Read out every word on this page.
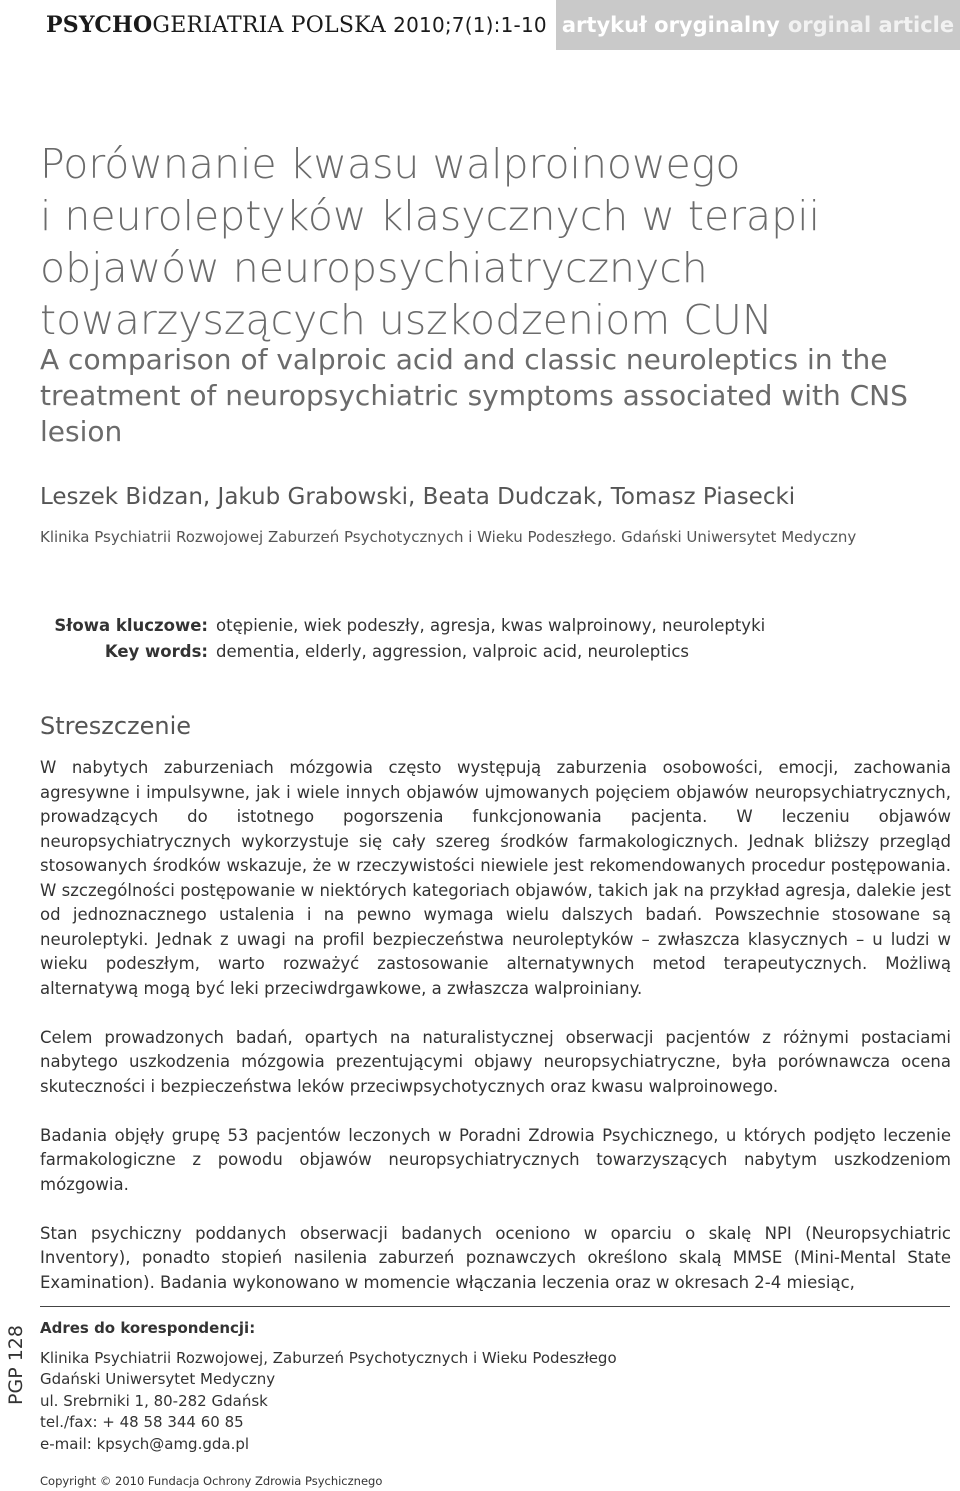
PSYCHOGERIATRIA POLSKA 2010;7(1):1-10 artykuł oryginalny orginal article
Porównanie kwasu walproinowego
i neuroleptyków klasycznych w terapii
objawów neuropsychiatrycznych
towarzyszących uszkodzeniom CUN
A comparison of valproic acid and classic neuroleptics in the
treatment of neuropsychiatric symptoms associated with CNS
lesion
Leszek Bidzan, Jakub Grabowski, Beata Dudczak, Tomasz Piasecki
Klinika Psychiatrii Rozwojowej Zaburzeń Psychotycznych i Wieku Podeszłego. Gdański Uniwersytet Medyczny
Słowa kluczowe: otępienie, wiek podeszły, agresja, kwas walproinowy, neuroleptyki
Key words: dementia, elderly, aggression, valproic acid, neuroleptics
Streszczenie

W nabytych zaburzeniach mózgowia często występują zaburzenia osobowości, emocji, zachowania agresywne i impulsywne, jak i wiele innych objawów ujmowanych pojęciem objawów neuropsychiatrycznych, prowadzących do istotnego pogorszenia funkcjonowania pacjenta. W leczeniu objawów neuropsychiatrycznych wykorzystuje się cały szereg środków farmakologicznych. Jednak bliższy przegląd stosowanych środków wskazuje, że w rzeczywistości niewiele jest rekomendowanych procedur postępowania. W szczególności postępowanie w niektórych kategoriach objawów, takich jak na przykład agresja, dalekie jest od jednoznacznego ustalenia i na pewno wymaga wielu dalszych badań. Powszechnie stosowane są neuroleptyki. Jednak z uwagi na profil bezpieczeństwa neuroleptyków – zwłaszcza klasycznych – u ludzi w wieku podeszłym, warto rozważyć zastosowanie alternatywnych metod terapeutycznych. Możliwą alternatywą mogą być leki przeciwdrgawkowe, a zwłaszcza walproiniany.

Celem prowadzonych badań, opartych na naturalistycznej obserwacji pacjentów z różnymi postaciami nabytego uszkodzenia mózgowia prezentującymi objawy neuropsychiatryczne, była porównawcza ocena skuteczności i bezpieczeństwa leków przeciwpsychotycznych oraz kwasu walproinowego.

Badania objęły grupę 53 pacjentów leczonych w Poradni Zdrowia Psychicznego, u których podjęto leczenie farmakologiczne z powodu objawów neuropsychiatrycznych towarzyszących nabytym uszkodzeniom mózgowia.

Stan psychiczny poddanych obserwacji badanych oceniono w oparciu o skalę NPI (Neuropsychiatric Inventory), ponadto stopień nasilenia zaburzeń poznawczych określono skalą MMSE (Mini-Mental State Examination). Badania wykonowano w momencie włączania leczenia oraz w okresach 2-4 miesiąc,

PGP 128 Adres do korespondencji:
Klinika Psychiatrii Rozwojowej, Zaburzeń Psychotycznych i Wieku Podeszłego
Gdański Uniwersytet Medyczny
ul. Srebrniki 1, 80-282 Gdańsk
tel./fax: + 48 58 344 60 85
e-mail: kpsych@amg.gda.pl
Copyright © 2010 Fundacja Ochrony Zdrowia Psychicznego
